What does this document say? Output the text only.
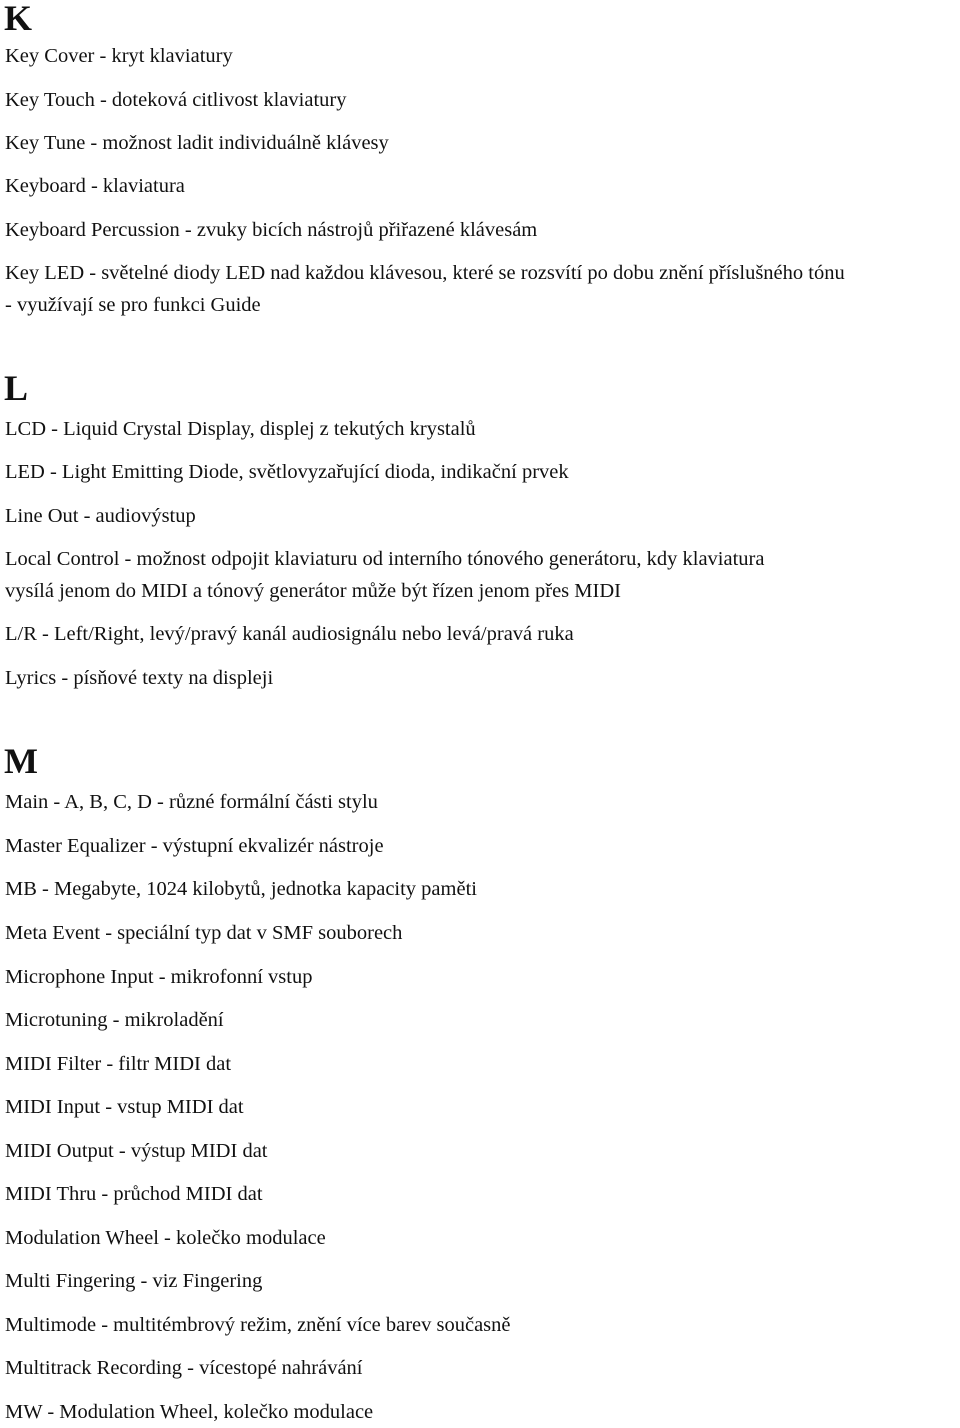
K

Key Cover - kryt klaviatury

Key Touch - doteková citlivost klaviatury

Key Tune - možnost ladit individuálně klávesy

Keyboard - klaviatura

Keyboard Percussion - zvuky bicích nástrojů přiřazené klávesám

Key LED - světelné diody LED nad každou klávesou, které se rozsvítí po dobu znění příslušného tónu

- využívají se pro funkci Guide

L

LCD - Liquid Crystal Display, displej z tekutých krystalů

LED - Light Emitting Diode, světlovyzařující dioda, indikační prvek

Line Out - audiovýstup

Local Control - možnost odpojit klaviaturu od interního tónového generátoru, kdy klaviatura

vysílá jenom do MIDI a tónový generátor může být řízen jenom přes MIDI

L/R - Left/Right, levý/pravý kanál audiosignálu nebo levá/pravá ruka

Lyrics - písňové texty na displeji

M

Main - A, B, C, D - různé formální části stylu

Master Equalizer - výstupní ekvalizér nástroje

MB - Megabyte, 1024 kilobytů, jednotka kapacity paměti

Meta Event - speciální typ dat v SMF souborech

Microphone Input - mikrofonní vstup

Microtuning - mikroladění

MIDI Filter - filtr MIDI dat

MIDI Input - vstup MIDI dat

MIDI Output - výstup MIDI dat

MIDI Thru - průchod MIDI dat

Modulation Wheel - kolečko modulace

Multi Fingering - viz Fingering

Multimode - multitémbrový režim, znění více barev současně

Multitrack Recording - vícestopé nahrávání

MW - Modulation Wheel, kolečko modulace
